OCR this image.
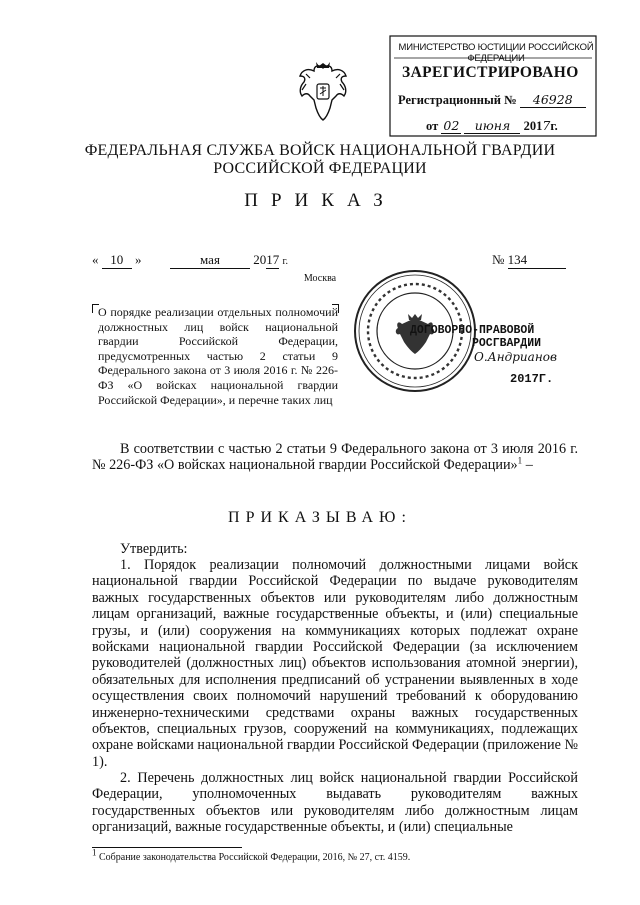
МИНИСТЕРСТВО ЮСТИЦИИ РОССИЙСКОЙ ФЕДЕРАЦИИ
ЗАРЕГИСТРИРОВАНО
Регистрационный № 46928
от 02 июня 2017г.
ФЕДЕРАЛЬНАЯ СЛУЖБА ВОЙСК НАЦИОНАЛЬНОЙ ГВАРДИИ
РОССИЙСКОЙ ФЕДЕРАЦИИ
ПРИКАЗ
« 10 »	мая	2017 г.	№ 134
Москва
О порядке реализации отдельных полномочий должностных лиц войск национальной гвардии Российской Федерации, предусмотренных частью 2 статьи 9 Федерального закона от 3 июля 2016 г. № 226-ФЗ «О войсках национальной гвардии Российской Федерации», и перечне таких лиц
ДОГОВОРНО-ПРАВОВОЙ
РОСГВАРДИИ
О.Андрианов
2017Г.
В соответствии с частью 2 статьи 9 Федерального закона от 3 июля 2016 г. № 226-ФЗ «О войсках национальной гвардии Российской Федерации»$^1$ –
ПРИКАЗЫВАЮ:
Утвердить:
1. Порядок реализации полномочий должностными лицами войск национальной гвардии Российской Федерации по выдаче руководителям важных государственных объектов или руководителям либо должностным лицам организаций, важные государственные объекты, и (или) специальные грузы, и (или) сооружения на коммуникациях которых подлежат охране войсками национальной гвардии Российской Федерации (за исключением руководителей (должностных лиц) объектов использования атомной энергии), обязательных для исполнения предписаний об устранении выявленных в ходе осуществления своих полномочий нарушений требований к оборудованию инженерно-техническими средствами охраны важных государственных объектов, специальных грузов, сооружений на коммуникациях, подлежащих охране войсками национальной гвардии Российской Федерации (приложение № 1).
2. Перечень должностных лиц войск национальной гвардии Российской Федерации, уполномоченных выдавать руководителям важных государственных объектов или руководителям либо должностным лицам организаций, важные государственные объекты, и (или) специальные
$^1$ Собрание законодательства Российской Федерации, 2016, № 27, ст. 4159.
